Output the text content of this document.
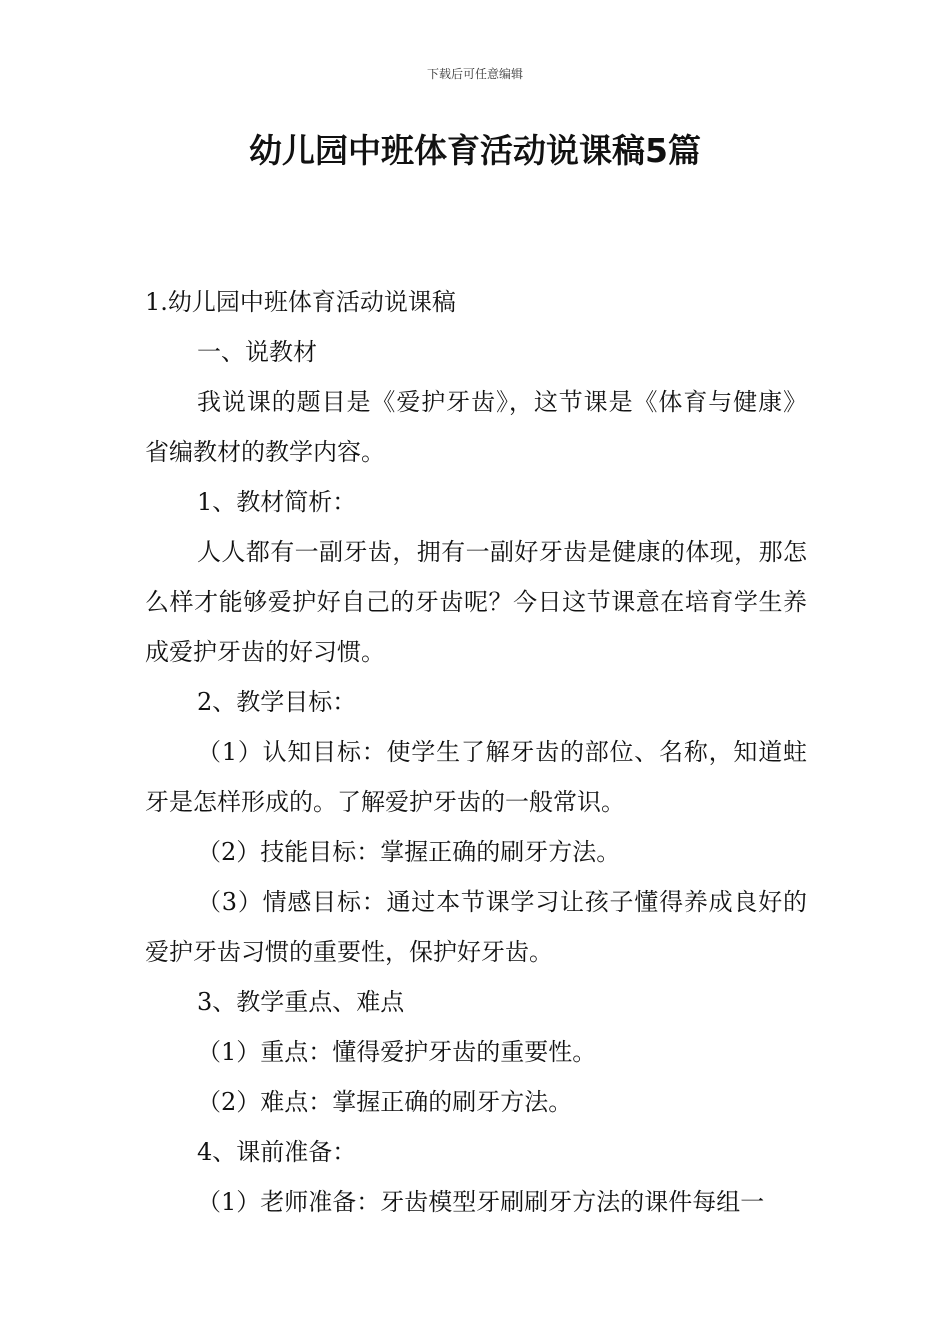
下载后可任意编辑
幼儿园中班体育活动说课稿5篇

1.幼儿园中班体育活动说课稿

一、说教材

我说课的题目是《爱护牙齿》，这节课是《体育与健康》省编教材的教学内容。

1、教材简析：

人人都有一副牙齿，拥有一副好牙齿是健康的体现，那怎么样才能够爱护好自己的牙齿呢？今日这节课意在培育学生养成爱护牙齿的好习惯。

2、教学目标：

（1）认知目标：使学生了解牙齿的部位、名称，知道蛀牙是怎样形成的。了解爱护牙齿的一般常识。

（2）技能目标：掌握正确的刷牙方法。

（3）情感目标：通过本节课学习让孩子懂得养成良好的爱护牙齿习惯的重要性，保护好牙齿。

3、教学重点、难点

（1）重点：懂得爱护牙齿的重要性。

（2）难点：掌握正确的刷牙方法。

4、课前准备：

（1）老师准备：牙齿模型牙刷刷牙方法的课件每组一
